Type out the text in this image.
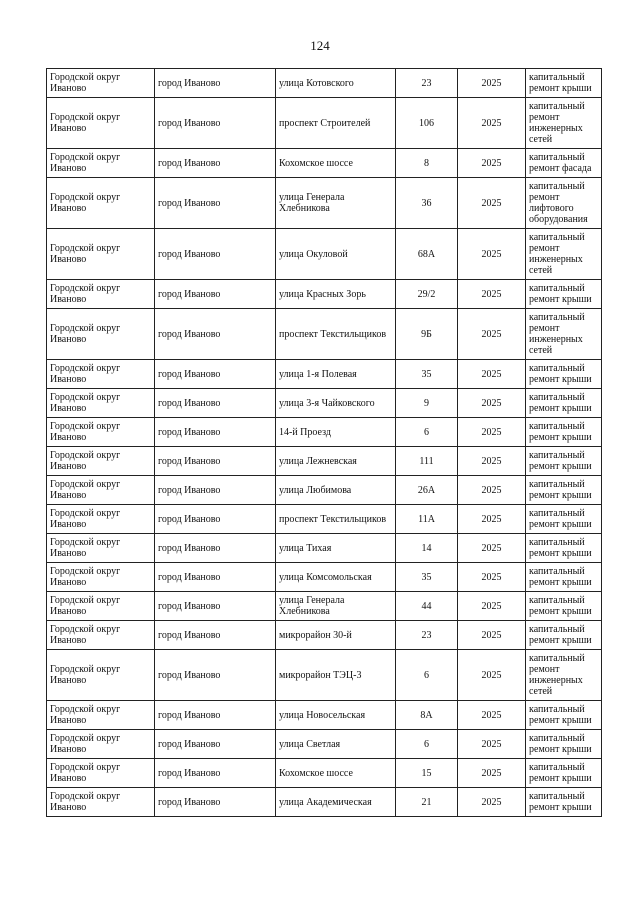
124
Городской округ Иваново	город Иваново	улица Котовского	23	2025	капитальный ремонт крыши
Городской округ Иваново	город Иваново	проспект Строителей	106	2025	капитальный ремонт инженерных сетей
Городской округ Иваново	город Иваново	Кохомское шоссе	8	2025	капитальный ремонт фасада
Городской округ Иваново	город Иваново	улица Генерала Хлебникова	36	2025	капитальный ремонт лифтового оборудования
Городской округ Иваново	город Иваново	улица Окуловой	68А	2025	капитальный ремонт инженерных сетей
Городской округ Иваново	город Иваново	улица Красных Зорь	29/2	2025	капитальный ремонт крыши
Городской округ Иваново	город Иваново	проспект Текстильщиков	9Б	2025	капитальный ремонт инженерных сетей
Городской округ Иваново	город Иваново	улица 1-я Полевая	35	2025	капитальный ремонт крыши
Городской округ Иваново	город Иваново	улица 3-я Чайковского	9	2025	капитальный ремонт крыши
Городской округ Иваново	город Иваново	14-й Проезд	6	2025	капитальный ремонт крыши
Городской округ Иваново	город Иваново	улица Лежневская	111	2025	капитальный ремонт крыши
Городской округ Иваново	город Иваново	улица Любимова	26А	2025	капитальный ремонт крыши
Городской округ Иваново	город Иваново	проспект Текстильщиков	11А	2025	капитальный ремонт крыши
Городской округ Иваново	город Иваново	улица Тихая	14	2025	капитальный ремонт крыши
Городской округ Иваново	город Иваново	улица Комсомольская	35	2025	капитальный ремонт крыши
Городской округ Иваново	город Иваново	улица Генерала Хлебникова	44	2025	капитальный ремонт крыши
Городской округ Иваново	город Иваново	микрорайон 30-й	23	2025	капитальный ремонт крыши
Городской округ Иваново	город Иваново	микрорайон ТЭЦ-3	6	2025	капитальный ремонт инженерных сетей
Городской округ Иваново	город Иваново	улица Новосельская	8А	2025	капитальный ремонт крыши
Городской округ Иваново	город Иваново	улица Светлая	6	2025	капитальный ремонт крыши
Городской округ Иваново	город Иваново	Кохомское шоссе	15	2025	капитальный ремонт крыши
Городской округ Иваново	город Иваново	улица Академическая	21	2025	капитальный ремонт крыши
